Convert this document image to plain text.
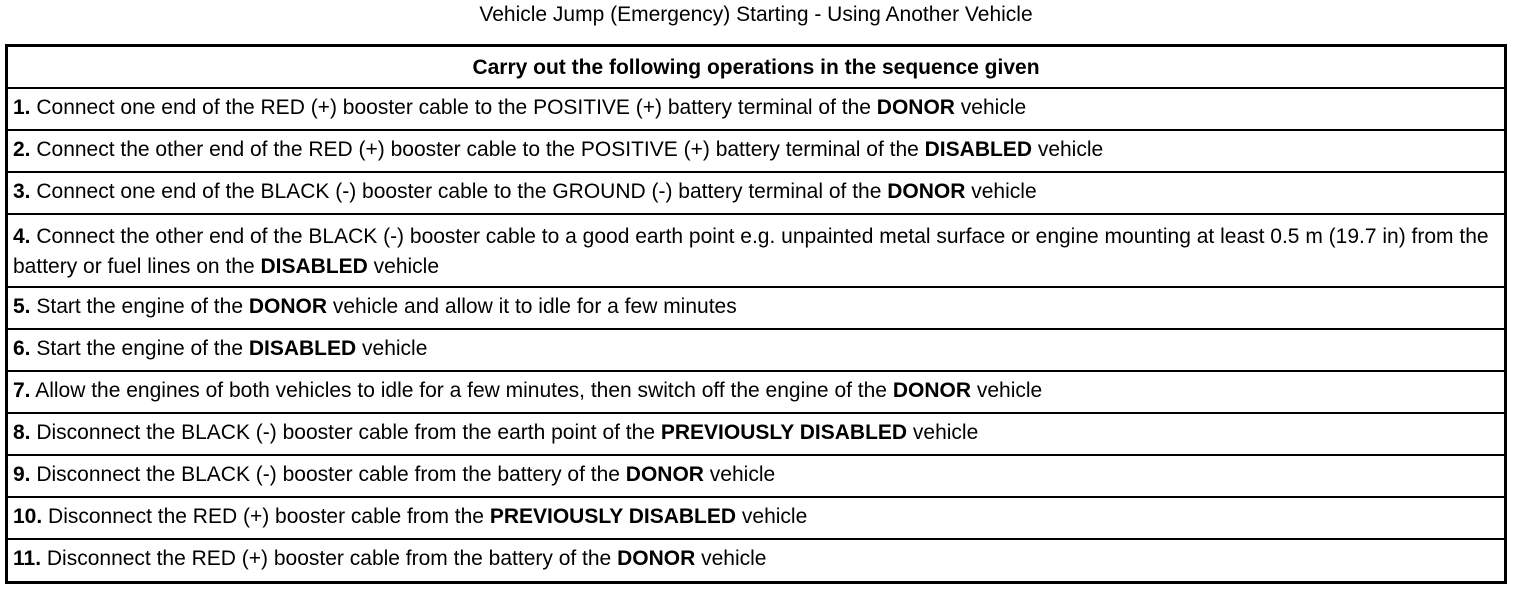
Vehicle Jump (Emergency) Starting - Using Another Vehicle
Carry out the following operations in the sequence given
1. Connect one end of the RED (+) booster cable to the POSITIVE (+) battery terminal of the DONOR vehicle
2. Connect the other end of the RED (+) booster cable to the POSITIVE (+) battery terminal of the DISABLED vehicle
3. Connect one end of the BLACK (-) booster cable to the GROUND (-) battery terminal of the DONOR vehicle
4. Connect the other end of the BLACK (-) booster cable to a good earth point e.g. unpainted metal surface or engine mounting at least 0.5 m (19.7 in) from the battery or fuel lines on the DISABLED vehicle
5. Start the engine of the DONOR vehicle and allow it to idle for a few minutes
6. Start the engine of the DISABLED vehicle
7. Allow the engines of both vehicles to idle for a few minutes, then switch off the engine of the DONOR vehicle
8. Disconnect the BLACK (-) booster cable from the earth point of the PREVIOUSLY DISABLED vehicle
9. Disconnect the BLACK (-) booster cable from the battery of the DONOR vehicle
10. Disconnect the RED (+) booster cable from the PREVIOUSLY DISABLED vehicle
11. Disconnect the RED (+) booster cable from the battery of the DONOR vehicle
